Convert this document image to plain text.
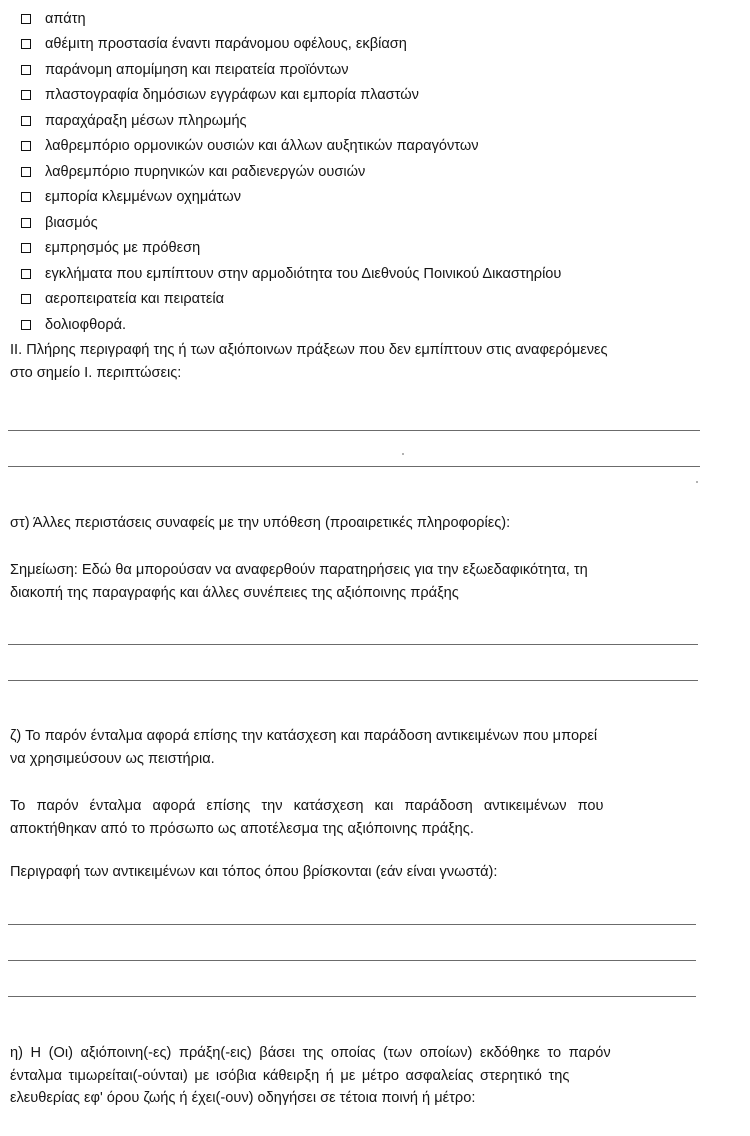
απάτη
αθέμιτη προστασία έναντι παράνομου οφέλους, εκβίαση
παράνομη απομίμηση και πειρατεία προϊόντων
πλαστογραφία δημόσιων εγγράφων και εμπορία πλαστών
παραχάραξη μέσων πληρωμής
λαθρεμπόριο ορμονικών ουσιών και άλλων αυξητικών παραγόντων
λαθρεμπόριο πυρηνικών και ραδιενεργών ουσιών
εμπορία κλεμμένων οχημάτων
βιασμός
εμπρησμός με πρόθεση
εγκλήματα που εμπίπτουν στην αρμοδιότητα του Διεθνούς Ποινικού Δικαστηρίου
αεροπειρατεία και πειρατεία
δολιοφθορά.
ΙΙ. Πλήρης περιγραφή της ή των αξιόποινων πράξεων που δεν εμπίπτουν στις αναφερόμενες
στο σημείο Ι. περιπτώσεις:
στ) Άλλες περιστάσεις συναφείς με την υπόθεση (προαιρετικές πληροφορίες):
Σημείωση: Εδώ θα μπορούσαν να αναφερθούν παρατηρήσεις για την εξωεδαφικότητα, τη
διακοπή της παραγραφής και άλλες συνέπειες της αξιόποινης πράξης
ζ) Το παρόν ένταλμα αφορά επίσης την κατάσχεση και παράδοση αντικειμένων που μπορεί
να χρησιμεύσουν ως πειστήρια.
Το παρόν ένταλμα αφορά επίσης την κατάσχεση και παράδοση αντικειμένων που
αποκτήθηκαν από το πρόσωπο ως αποτέλεσμα της αξιόποινης πράξης.
Περιγραφή των αντικειμένων και τόπος όπου βρίσκονται (εάν είναι γνωστά):
η) Η (Οι) αξιόποινη(-ες) πράξη(-εις) βάσει της οποίας (των οποίων) εκδόθηκε το παρόν
ένταλμα τιμωρείται(-ούνται) με ισόβια κάθειρξη ή με μέτρο ασφαλείας στερητικό της
ελευθερίας εφ' όρου ζωής ή έχει(-ουν) οδηγήσει σε τέτοια ποινή ή μέτρο:
